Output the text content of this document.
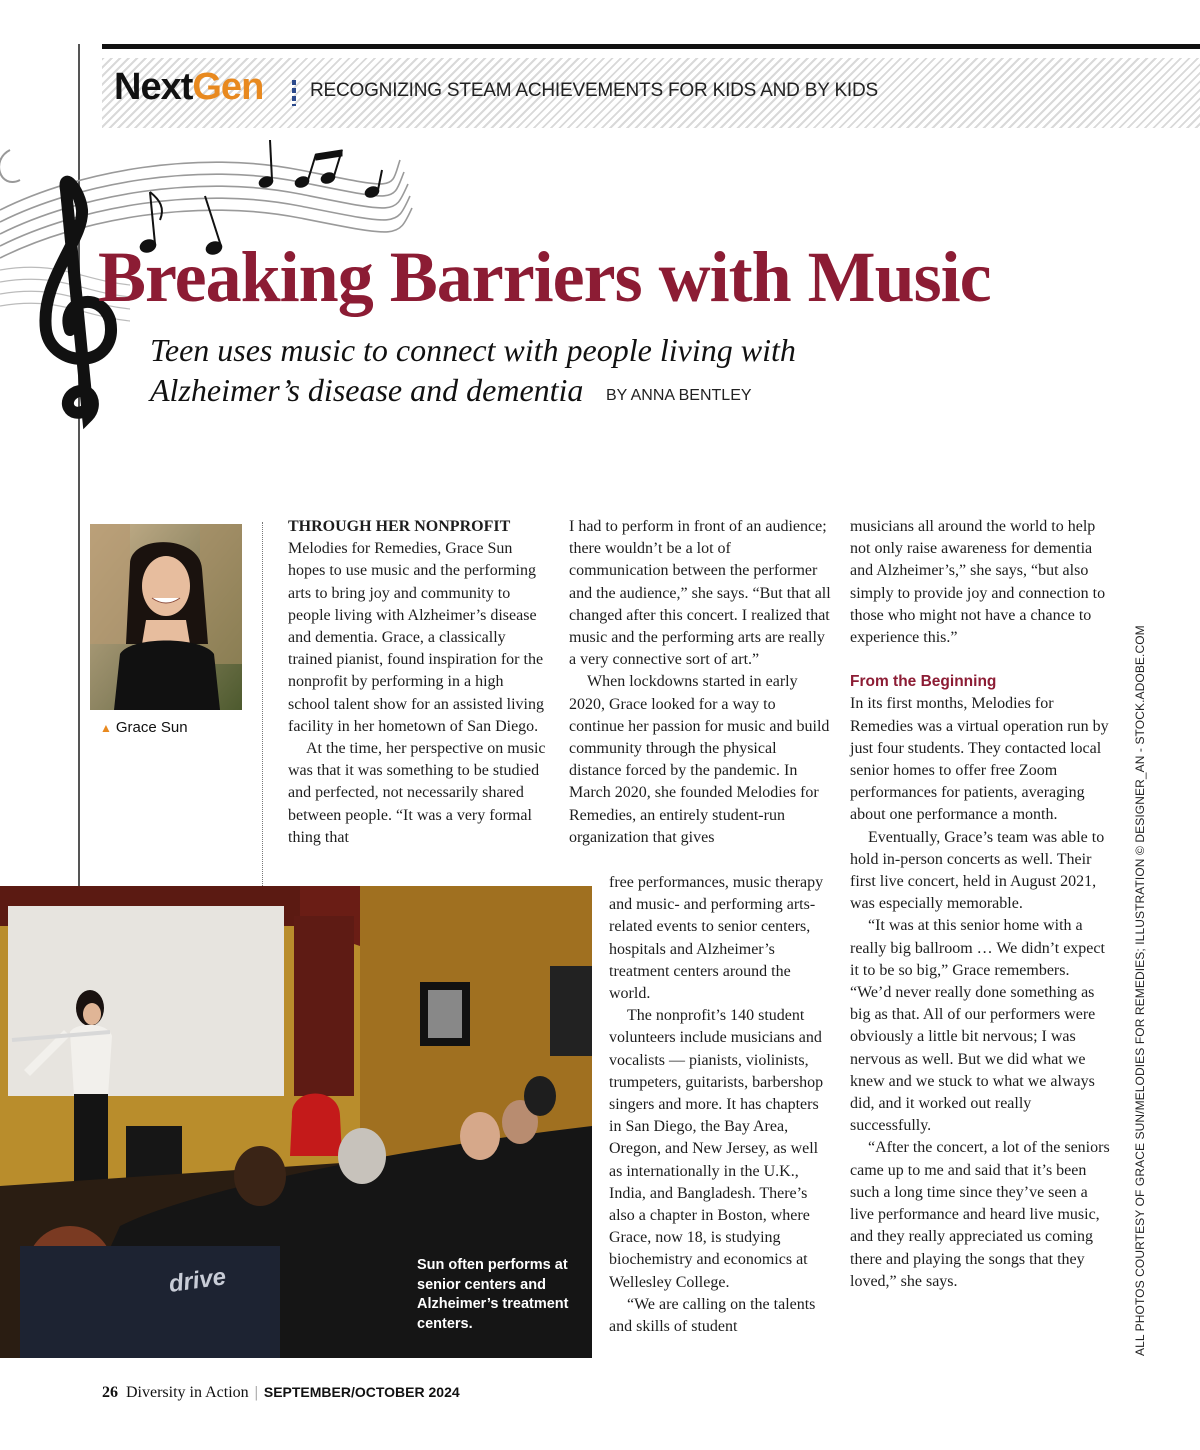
NextGen RECOGNIZING STEAM ACHIEVEMENTS FOR KIDS AND BY KIDS
Breaking Barriers with Music
Teen uses music to connect with people living with
Alzheimer’s disease and dementia BY ANNA BENTLEY
▲ Grace Sun

THROUGH HER NONPROFIT Melodies for Remedies, Grace Sun hopes to use music and the performing arts to bring joy and community to people living with Alzheimer’s disease and dementia. Grace, a classically trained pianist, found inspiration for the nonprofit by performing in a high school talent show for an assisted living facility in her hometown of San Diego.

At the time, her perspective on music was that it was something to be studied and perfected, not necessarily shared between people. “It was a very formal thing that

I had to perform in front of an audience; there wouldn’t be a lot of communication between the performer and the audience,” she says. “But that all changed after this concert. I realized that music and the performing arts are really a very connective sort of art.”

When lockdowns started in early 2020, Grace looked for a way to continue her passion for music and build community through the physical distance forced by the pandemic. In March 2020, she founded Melodies for Remedies, an entirely student-run organization that gives

free performances, music therapy and music- and performing arts-related events to senior centers, hospitals and Alzheimer’s treatment centers around the world.

The nonprofit’s 140 student volunteers include musicians and vocalists — pianists, violinists, trumpeters, guitarists, barbershop singers and more. It has chapters in San Diego, the Bay Area, Oregon, and New Jersey, as well as internationally in the U.K., India, and Bangladesh. There’s also a chapter in Boston, where Grace, now 18, is studying biochemistry and economics at Wellesley College.

“We are calling on the talents and skills of student

musicians all around the world to help not only raise awareness for dementia and Alzheimer’s,” she says, “but also simply to provide joy and connection to those who might not have a chance to experience this.”

From the Beginning

In its first months, Melodies for Remedies was a virtual operation run by just four students. They contacted local senior homes to offer free Zoom performances for patients, averaging about one performance a month.

Eventually, Grace’s team was able to hold in-person concerts as well. Their first live concert, held in August 2021, was especially memorable.

“It was at this senior home with a really big ballroom … We didn’t expect it to be so big,” Grace remembers. “We’d never really done something as big as that. All of our performers were obviously a little bit nervous; I was nervous as well. But we did what we knew and we stuck to what we always did, and it worked out really successfully.

“After the concert, a lot of the seniors came up to me and said that it’s been such a long time since they’ve seen a live performance and heard live music, and they really appreciated us coming there and playing the songs that they loved,” she says.

drive	Sun often performs at senior centers and Alzheimer’s treatment centers.	ALL PHOTOS COURTESY OF GRACE SUN/MELODIES FOR REMEDIES; ILLUSTRATION © DESIGNER_AN - STOCK.ADOBE.COM
26 Diversity in Action | SEPTEMBER/OCTOBER 2024
